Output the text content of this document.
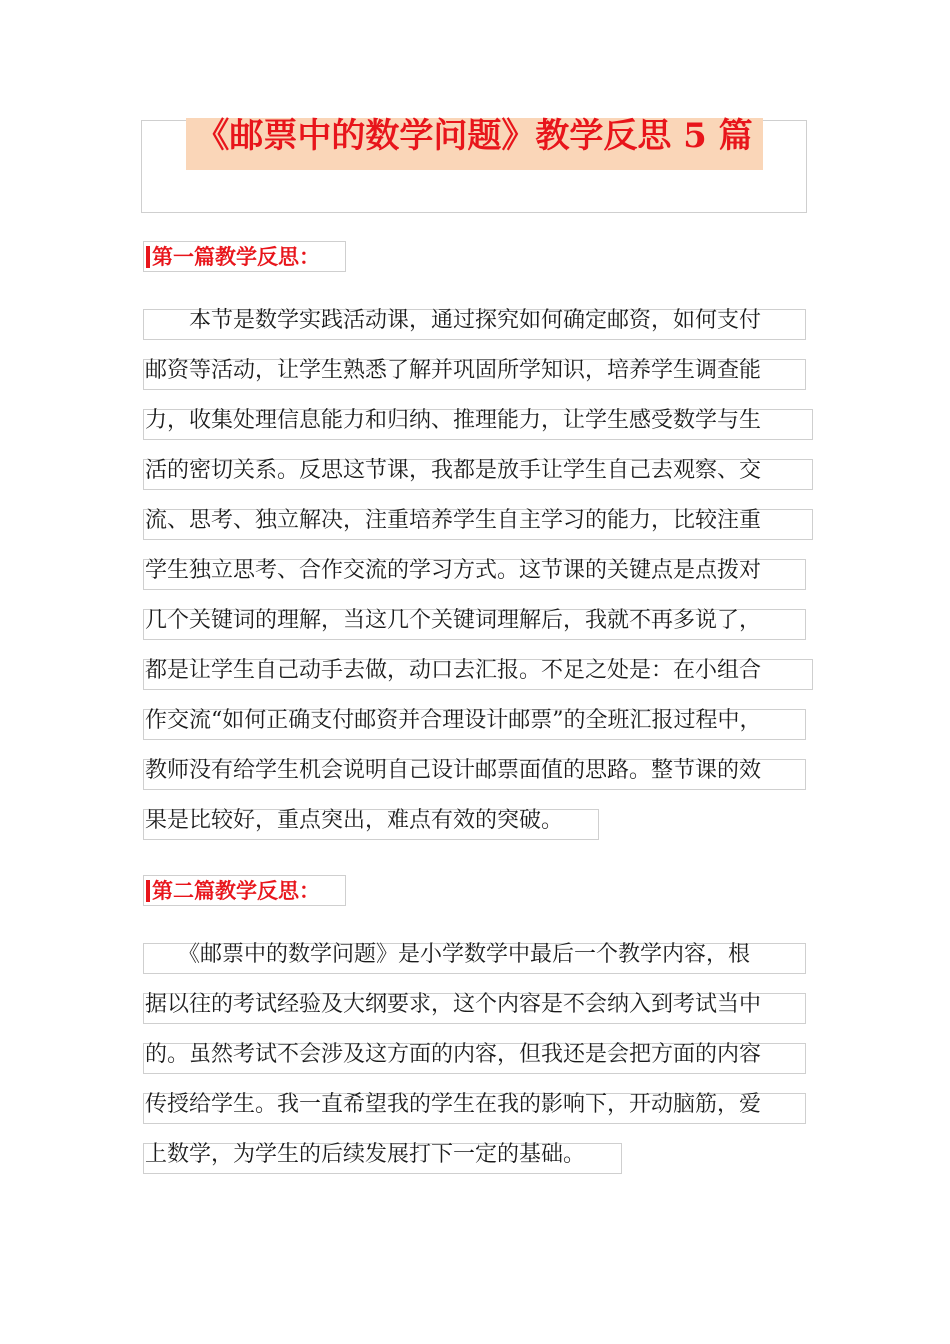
《邮票中的数学问题》教学反思 5 篇
第一篇教学反思：
　　本节是数学实践活动课，通过探究如何确定邮资，如何支付
邮资等活动，让学生熟悉了解并巩固所学知识，培养学生调查能
力，收集处理信息能力和归纳、推理能力，让学生感受数学与生
活的密切关系。反思这节课，我都是放手让学生自己去观察、交
流、思考、独立解决，注重培养学生自主学习的能力，比较注重
学生独立思考、合作交流的学习方式。这节课的关键点是点拨对
几个关键词的理解，当这几个关键词理解后，我就不再多说了，
都是让学生自己动手去做，动口去汇报。不足之处是：在小组合
作交流“如何正确支付邮资并合理设计邮票”的全班汇报过程中，
教师没有给学生机会说明自己设计邮票面值的思路。整节课的效
果是比较好，重点突出，难点有效的突破。
第二篇教学反思：
　　《邮票中的数学问题》是小学数学中最后一个教学内容，根
据以往的考试经验及大纲要求，这个内容是不会纳入到考试当中
的。虽然考试不会涉及这方面的内容，但我还是会把方面的内容
传授给学生。我一直希望我的学生在我的影响下，开动脑筋，爱
上数学，为学生的后续发展打下一定的基础。
